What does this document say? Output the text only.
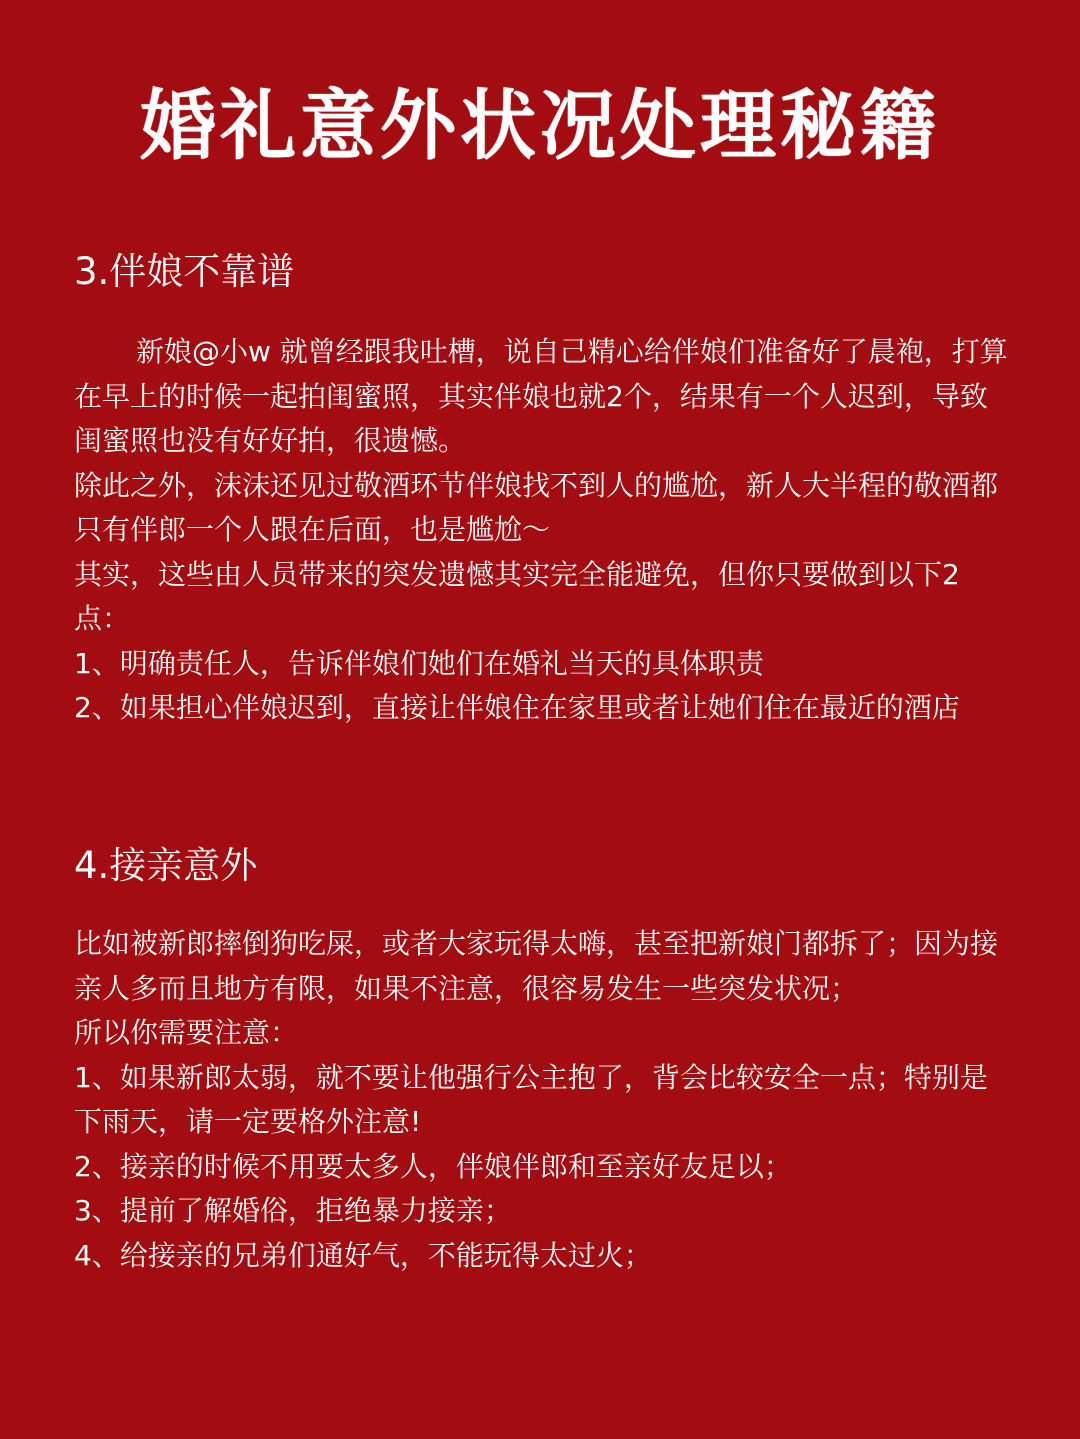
婚礼意外状况处理秘籍
3.伴娘不靠谱

新娘@小w 就曾经跟我吐槽，说自己精心给伴娘们准备好了晨袍，打算在早上的时候一起拍闺蜜照，其实伴娘也就2个，结果有一个人迟到，导致闺蜜照也没有好好拍，很遗憾。

除此之外，沫沫还见过敬酒环节伴娘找不到人的尴尬，新人大半程的敬酒都只有伴郎一个人跟在后面，也是尴尬～

其实，这些由人员带来的突发遗憾其实完全能避免，但你只要做到以下2点：

1、明确责任人，告诉伴娘们她们在婚礼当天的具体职责

2、如果担心伴娘迟到，直接让伴娘住在家里或者让她们住在最近的酒店

4.接亲意外

比如被新郎摔倒狗吃屎，或者大家玩得太嗨，甚至把新娘门都拆了；因为接亲人多而且地方有限，如果不注意，很容易发生一些突发状况；

所以你需要注意：

1、如果新郎太弱，就不要让他强行公主抱了，背会比较安全一点；特别是下雨天，请一定要格外注意!

2、接亲的时候不用要太多人，伴娘伴郎和至亲好友足以；

3、提前了解婚俗，拒绝暴力接亲；

4、给接亲的兄弟们通好气，不能玩得太过火；
